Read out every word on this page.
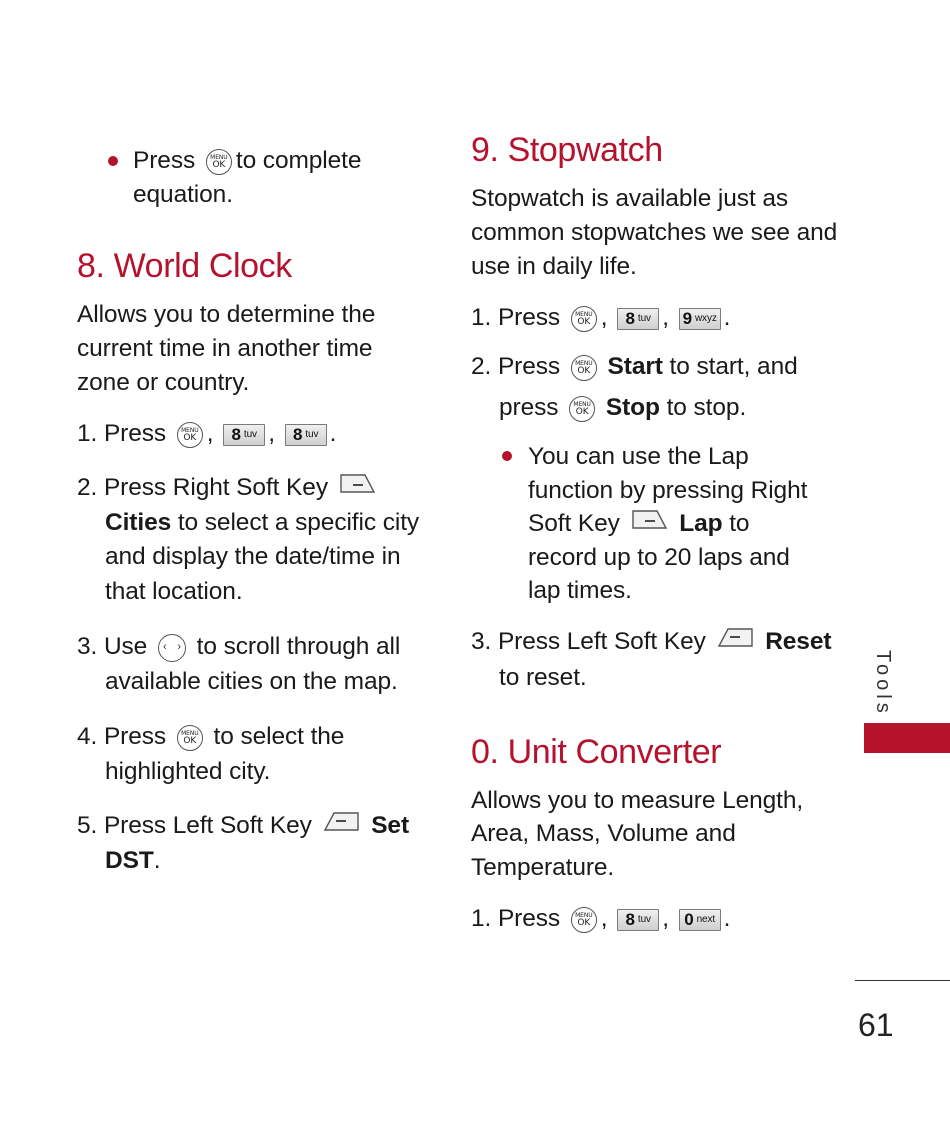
Press	MENU
OK to complete
equation.
8. World Clock
Allows you to determine the
current time in another time
zone or country.
1. Press	MENU
OK , 8 tuv , 8 tuv .
2. Press Right Soft Key
Cities to select a specific city
and display the date/time in
that location.
3. Use ‹ › to scroll through all
available cities on the map.
4. Press	MENU
OK to select the
highlighted city.
5. Press Left Soft Key Set
DST.
9. Stopwatch
Stopwatch is available just as
common stopwatches we see and
use in daily life.
1. Press	MENU
OK , 8 tuv , 9 wxyz .
2. Press	MENU
OK Start to start, and
press	MENU
OK Stop to stop.
You can use the Lap
function by pressing Right
Soft Key Lap to
record up to 20 laps and
lap times.
3. Press Left Soft Key Reset
to reset.
0. Unit Converter
Allows you to measure Length,
Area, Mass, Volume and
Temperature.
1. Press	MENU
OK , 8 tuv , 0 next .
Tools
61
